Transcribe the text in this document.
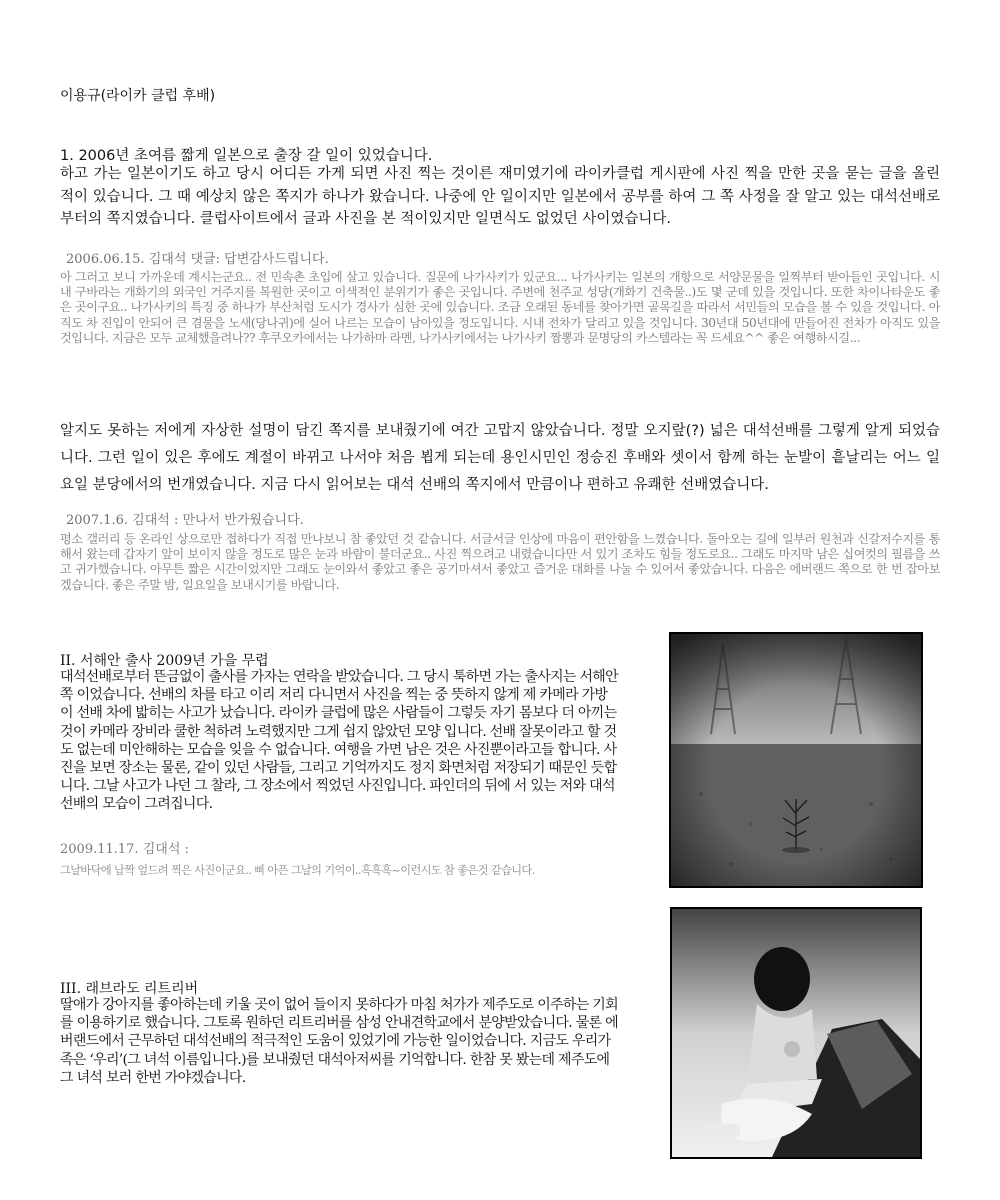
이용규(라이카 클럽 후배)
1. 2006년 초여름 짧게 일본으로 출장 갈 일이 있었습니다.

하고 가는 일본이기도 하고 당시 어디든 가게 되면 사진 찍는 것이른 재미였기에 라이카클럽 게시판에 사진 찍을 만한 곳을 묻는 글을 올린 적이 있습니다. 그 때 예상치 않은 쪽지가 하나가 왔습니다. 나중에 안 일이지만 일본에서 공부를 하여 그 쪽 사정을 잘 알고 있는 대석선배로부터의 쪽지였습니다. 클럽사이트에서 글과 사진을 본 적이있지만 일면식도 없었던 사이였습니다.

2006.06.15. 김대석 댓글: 답변감사드립니다.

아 그러고 보니 가까운데 계시는군요.. 전 민속촌 초입에 살고 있습니다. 질문에 나가사키가 있군요... 나가사키는 일본의 개항으로 서양문물을 일찍부터 받아들인 곳입니다. 시내 구바라는 개화기의 외국인 거주지를 복원한 곳이고 이색적인 분위기가 좋은 곳입니다. 주변에 천주교 성당(개화기 건축물..)도 몇 군데 있을 것입니다. 또한 차이나타운도 좋은 곳이구요.. 나가사키의 특징 중 하나가 부산처럼 도시가 경사가 심한 곳에 있습니다. 조금 오래된 동네를 찾아가면 골목길을 따라서 서민들의 모습을 볼 수 있을 것입니다. 아직도 차 진입이 안되어 큰 겸물을 노새(당나귀)에 실어 나르는 모습이 남아있을 정도입니다. 시내 전차가 달리고 있을 것입니다. 30년대 50년대에 만들어진 전차가 아직도 있을 것입니다. 지금은 모두 교체했을려나?? 후쿠오카에서는 나가하마 라멘, 나가사키에서는 나가사키 짬뽕과 문명당의 카스텔라는 꼭 드세요^^ 좋은 여행하시길...

알지도 못하는 저에게 자상한 설명이 담긴 쪽지를 보내줬기에 여간 고맙지 않았습니다. 정말 오지랖(?) 넓은 대석선배를 그렇게 알게 되었습니다. 그런 일이 있은 후에도 계절이 바뀌고 나서야 처음 뵙게 되는데 용인시민인 정승진 후배와 셋이서 함께 하는 눈발이 흩날리는 어느 일요일 분당에서의 번개였습니다. 지금 다시 읽어보는 대석 선배의 쪽지에서 만큼이나 편하고 유쾌한 선배였습니다.

2007.1.6. 김대석 : 만나서 반가웠습니다.

평소 갤러리 등 온라인 상으로만 접하다가 직접 만나보니 참 좋았던 것 같습니다. 서글서글 인상에 마음이 편안함을 느꼈습니다. 돌아오는 길에 일부러 원천과 신갈저수지를 통해서 왔는데 갑자기 앞이 보이지 않을 정도로 많은 눈과 바람이 불더군요.. 사진 찍으려고 내렸습니다만 서 있기 조차도 힘들 정도로요.. 그래도 마지막 남은 십여컷의 필름을 쓰고 귀가했습니다. 아무튼 짧은 시간이었지만 그래도 눈이와서 좋았고 좋은 공기마셔서 좋았고 즐거운 대화를 나눌 수 있어서 좋았습니다. 다음은 에버랜드 쪽으로 한 번 잡아보겠습니다. 좋은 주말 밤, 일요일을 보내시기를 바랍니다.

II. 서해안 출사 2009년 가을 무렵

대석선배로부터 뜬금없이 출사를 가자는 연락을 받았습니다. 그 당시 툭하면 가는 출사지는 서해안쪽 이었습니다. 선배의 차를 타고 이리 저리 다니면서 사진을 찍는 중 뜻하지 않게 제 카메라 가방이 선배 차에 밟히는 사고가 났습니다. 라이카 클럽에 많은 사람들이 그렇듯 자기 몸보다 더 아끼는 것이 카메라 장비라 쿨한 척하려 노력했지만 그게 쉽지 않았던 모양 입니다. 선배 잘못이라고 할 것도 없는데 미안해하는 모습을 잊을 수 없습니다. 여행을 가면 남은 것은 사진뿐이라고들 합니다. 사진을 보면 장소는 물론, 같이 있던 사람들, 그리고 기억까지도 정지 화면처럼 저장되기 때문인 듯합니다. 그날 사고가 나던 그 찰라, 그 장소에서 찍었던 사진입니다. 파인더의 뒤에 서 있는 저와 대석선배의 모습이 그려집니다.

2009.11.17. 김대석 :
그날바닥에 납짝 엎드려 찍은 사진이군요.. 삐 아픈 그날의 기억이..흑흑흑~이런시도 참 좋은것 같습니다.
III. 래브라도 리트리버

딸애가 강아지를 좋아하는데 키울 곳이 없어 들이지 못하다가 마침 처가가 제주도로 이주하는 기회를 이용하기로 했습니다. 그토록 원하던 리트리버를 삼성 안내견학교에서 분양받았습니다. 물론 에버랜드에서 근무하던 대석선배의 적극적인 도움이 있었기에 가능한 일이었습니다. 지금도 우리가족은 ‘우리’(그 녀석 이름입니다.)를 보내줬던 대석아저씨를 기억합니다. 한참 못 봤는데 제주도에 그 녀석 보러 한번 가야겠습니다.
